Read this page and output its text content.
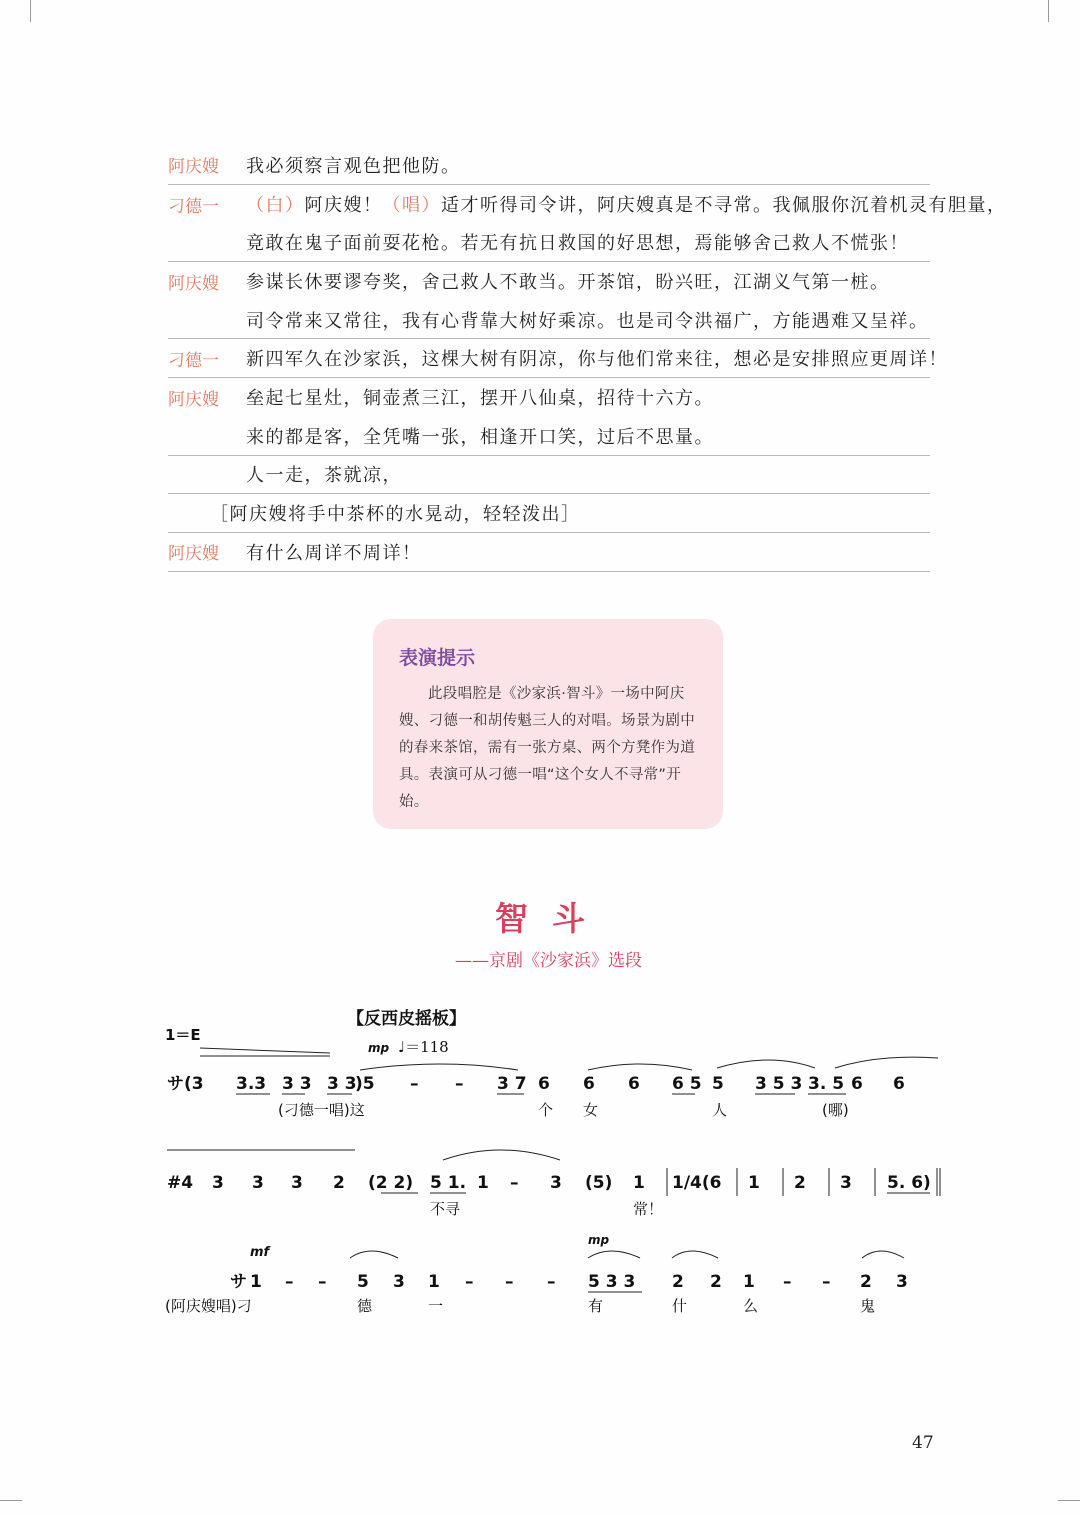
阿庆嫂	我必须察言观色把他防。
刁德一	（白） 阿庆嫂！ （唱） 适才听得司令讲，阿庆嫂真是不寻常。我佩服你沉着机灵有胆量，
竟敢在鬼子面前耍花枪。若无有抗日救国的好思想，焉能够舍己救人不慌张！
阿庆嫂	参谋长休要谬夸奖，舍己救人不敢当。开茶馆，盼兴旺，江湖义气第一桩。
司令常来又常往，我有心背靠大树好乘凉。也是司令洪福广，方能遇难又呈祥。
刁德一	新四军久在沙家浜，这棵大树有阴凉，你与他们常来往，想必是安排照应更周详！
阿庆嫂	垒起七星灶，铜壶煮三江，摆开八仙桌，招待十六方。
来的都是客，全凭嘴一张，相逢开口笑，过后不思量。
人一走，茶就凉，
［阿庆嫂将手中茶杯的水晃动，轻轻泼出］
阿庆嫂	有什么周详不周详！
表演提示
此段唱腔是《沙家浜·智斗》一场中阿庆嫂、刁德一和胡传魁三人的对唱。场景为剧中的春来茶馆，需有一张方桌、两个方凳作为道具。表演可从刁德一唱“这个女人不寻常”开始。
智斗
——京剧《沙家浜》选段
1＝E
【反西皮摇板】
mp ♩＝118
サ(3 3.3 3 3 3 3
)5 – – 3 7 6 6 6 6 5 5 3 5 3 3. 5 6 6
(刁德一唱)这	个 女	人	(哪)
#4 3 3 3 2 (2 2) 5 1. 1 – 3 (5) 1 1/4(6 1 2 3 5. 6)
不寻	常！
mf
mp
サ 1 – – 5 3 1 – – – 5 3 3 2 2 1 – – 2 3
(阿庆嫂唱)刁	德	一	有	什	么	鬼
47
